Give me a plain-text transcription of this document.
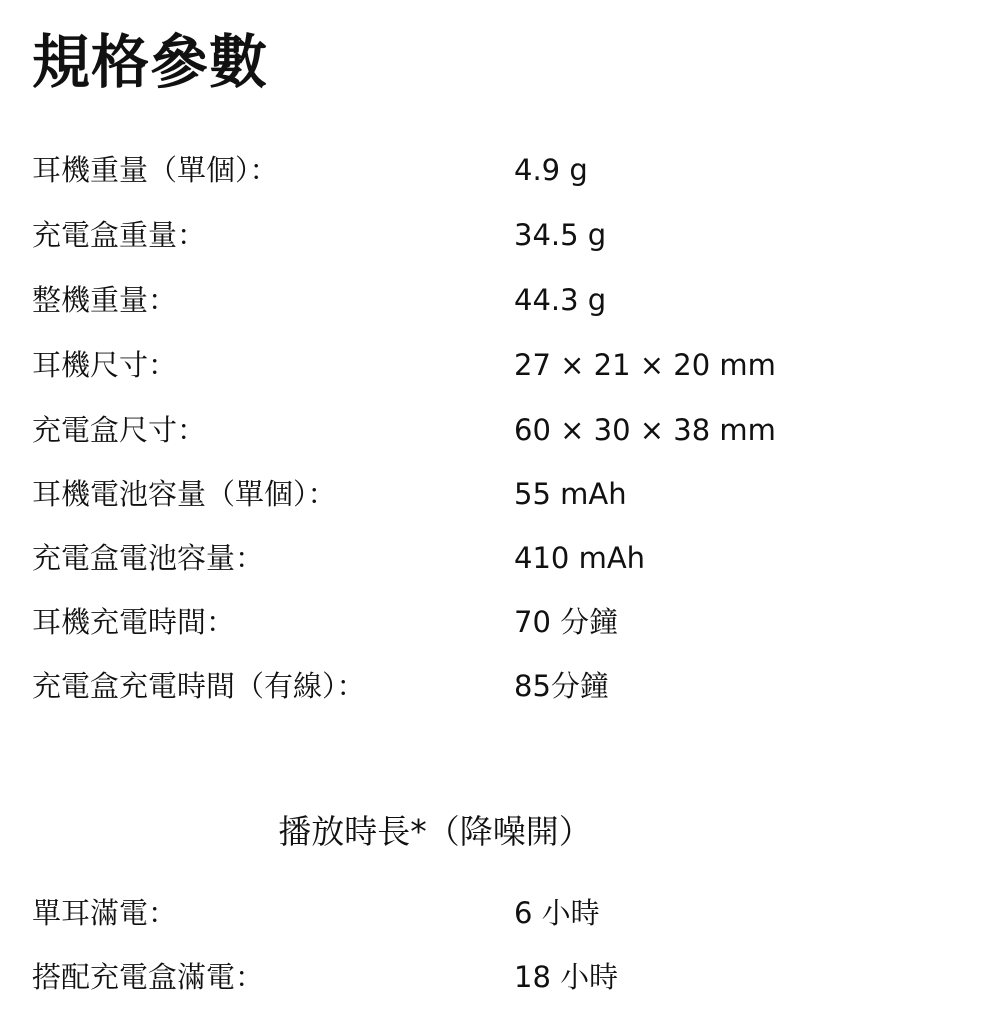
規格參數
耳機重量（單個）：	4.9 g
充電盒重量：	34.5 g
整機重量：	44.3 g
耳機尺寸：	27 × 21 × 20 mm
充電盒尺寸：	60 × 30 × 38 mm
耳機電池容量（單個）：	55 mAh
充電盒電池容量：	410 mAh
耳機充電時間：	70 分鐘
充電盒充電時間（有線）：	85分鐘
播放時長*（降噪開）
單耳滿電：	6 小時
搭配充電盒滿電：	18 小時
